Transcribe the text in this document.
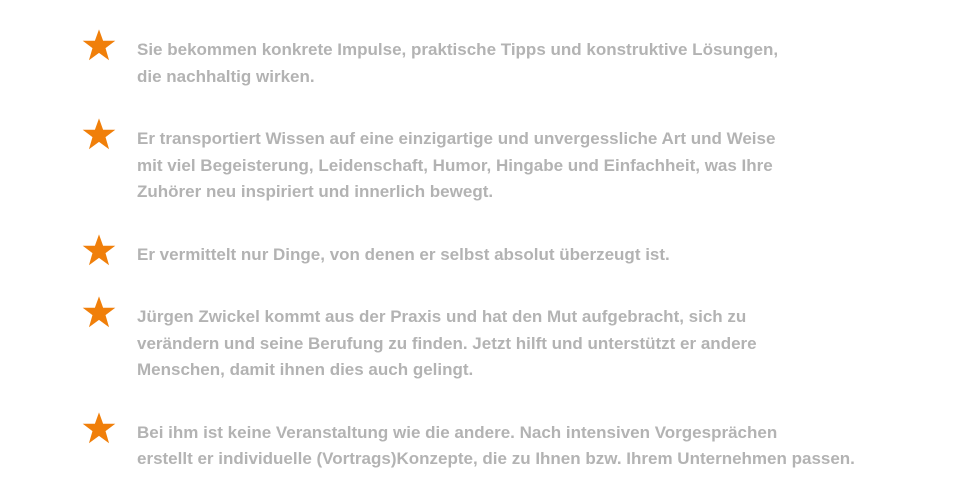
Sie bekommen konkrete Impulse, praktische Tipps und konstruktive Lösungen,
die nachhaltig wirken.

Er transportiert Wissen auf eine einzigartige und unvergessliche Art und Weise
mit viel Begeisterung, Leidenschaft, Humor, Hingabe und Einfachheit, was Ihre
Zuhörer neu inspiriert und innerlich bewegt.

Er vermittelt nur Dinge, von denen er selbst absolut überzeugt ist.

Jürgen Zwickel kommt aus der Praxis und hat den Mut aufgebracht, sich zu
verändern und seine Berufung zu finden. Jetzt hilft und unterstützt er andere
Menschen, damit ihnen dies auch gelingt.

Bei ihm ist keine Veranstaltung wie die andere. Nach intensiven Vorgesprächen
erstellt er individuelle (Vortrags)Konzepte, die zu Ihnen bzw. Ihrem Unternehmen passen.
